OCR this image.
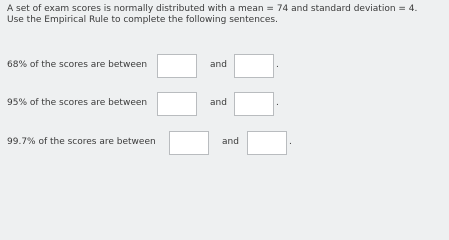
A set of exam scores is normally distributed with a mean = 74 and standard deviation = 4.
Use the Empirical Rule to complete the following sentences.
68% of the scores are between	and	.
95% of the scores are between	and	.
99.7% of the scores are between	and	.
